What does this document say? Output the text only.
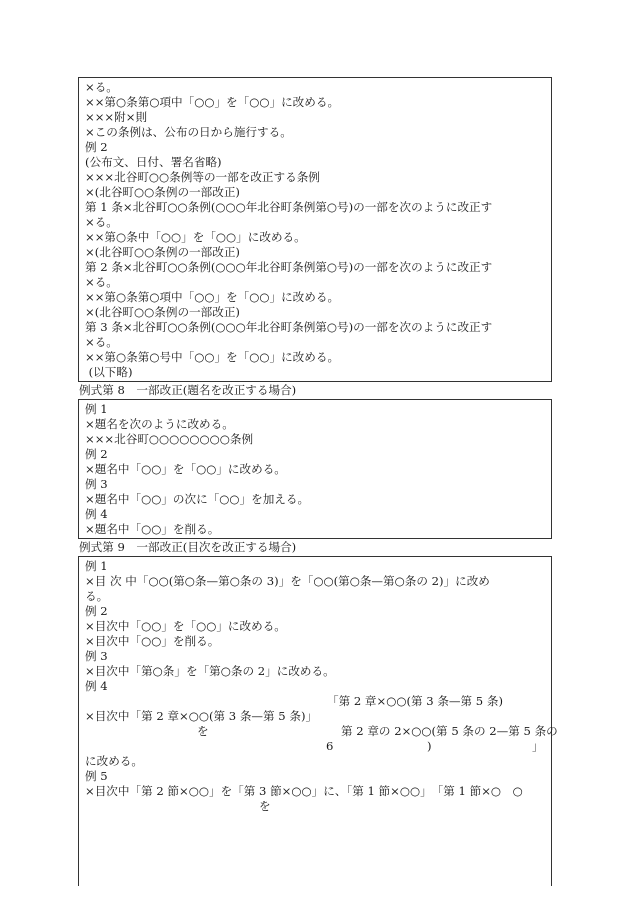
×る。
××第○条第○項中「○○」を「○○」に改める。
×××附×則
×この条例は、公布の日から施行する。
例 2
(公布文、日付、署名省略)
×××北谷町○○条例等の一部を改正する条例
×(北谷町○○条例の一部改正)
第 1 条×北谷町○○条例(○○○年北谷町条例第○号)の一部を次のように改正す
×る。
××第○条中「○○」を「○○」に改める。
×(北谷町○○条例の一部改正)
第 2 条×北谷町○○条例(○○○年北谷町条例第○号)の一部を次のように改正す
×る。
××第○条第○項中「○○」を「○○」に改める。
×(北谷町○○条例の一部改正)
第 3 条×北谷町○○条例(○○○年北谷町条例第○号)の一部を次のように改正す
×る。
××第○条第○号中「○○」を「○○」に改める。
(以下略)
例式第 8　一部改正(題名を改正する場合)
例 1
×題名を次のように改める。
×××北谷町○○○○○○○○条例
例 2
×題名中「○○」を「○○」に改める。
例 3
×題名中「○○」の次に「○○」を加える。
例 4
×題名中「○○」を削る。
例式第 9　一部改正(目次を改正する場合)
例 1
×目 次 中「○○(第○条—第○条の 3)」を「○○(第○条—第○条の 2)」に改め
る。
例 2
×目次中「○○」を「○○」に改める。
×目次中「○○」を削る。
例 3
×目次中「第○条」を「第○条の 2」に改める。
例 4
「第 2 章×○○(第 3 条—第 5 条)
×目次中「第 2 章×○○(第 3 条—第 5 条)」
を	第 2 章の 2×○○(第 5 条の 2—第 5 条の
6	)	」
に改める。
例 5
×目次中「第 2 節×○○」を「第 3 節×○○」に、「第 1 節×○○」　「第 1 節×○　○
を
